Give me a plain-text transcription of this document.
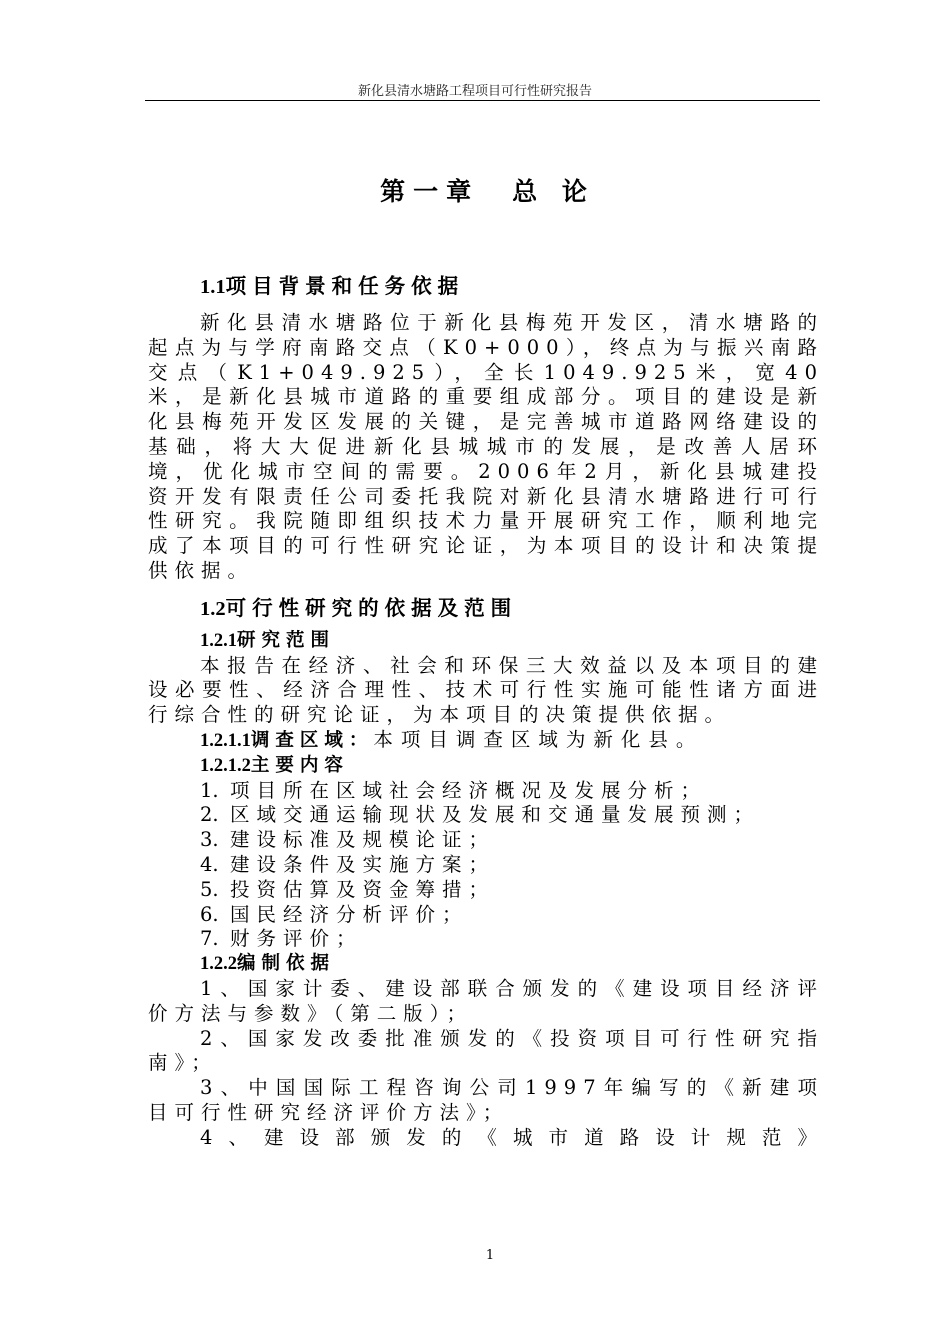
新化县清水塘路工程项目可行性研究报告
第一章　总 论
1.1项目背景和任务依据

新化县清水塘路位于新化县梅苑开发区，清水塘路的起点为与学府南路交点（K0+000），终点为与振兴南路交点（K1+049.925），全长1049.925米，宽40米，是新化县城市道路的重要组成部分。项目的建设是新化县梅苑开发区发展的关键，是完善城市道路网络建设的基础，将大大促进新化县城城市的发展，是改善人居环境，优化城市空间的需要。2006年2月，新化县城建投资开发有限责任公司委托我院对新化县清水塘路进行可行性研究。我院随即组织技术力量开展研究工作，顺利地完成了本项目的可行性研究论证，为本项目的设计和决策提供依据。

1.2可行性研究的依据及范围
1.2.1研究范围

本报告在经济、社会和环保三大效益以及本项目的建设必要性、经济合理性、技术可行性实施可能性诸方面进行综合性的研究论证，为本项目的决策提供依据。

1.2.1.1调查区域：本项目调查区域为新化县。
1.2.1.2主要内容
1. 项目所在区域社会经济概况及发展分析；
2. 区域交通运输现状及发展和交通量发展预测；
3. 建设标准及规模论证；
4. 建设条件及实施方案；
5. 投资估算及资金筹措；
6. 国民经济分析评价；
7. 财务评价；
1.2.2编制依据

1、国家计委、建设部联合颁发的《建设项目经济评价方法与参数》（第二版）；

2、国家发改委批准颁发的《投资项目可行性研究指南》；

3、中国国际工程咨询公司1997年编写的《新建项目可行性研究经济评价方法》；

4、建设部颁发的《城市道路设计规范》

1
